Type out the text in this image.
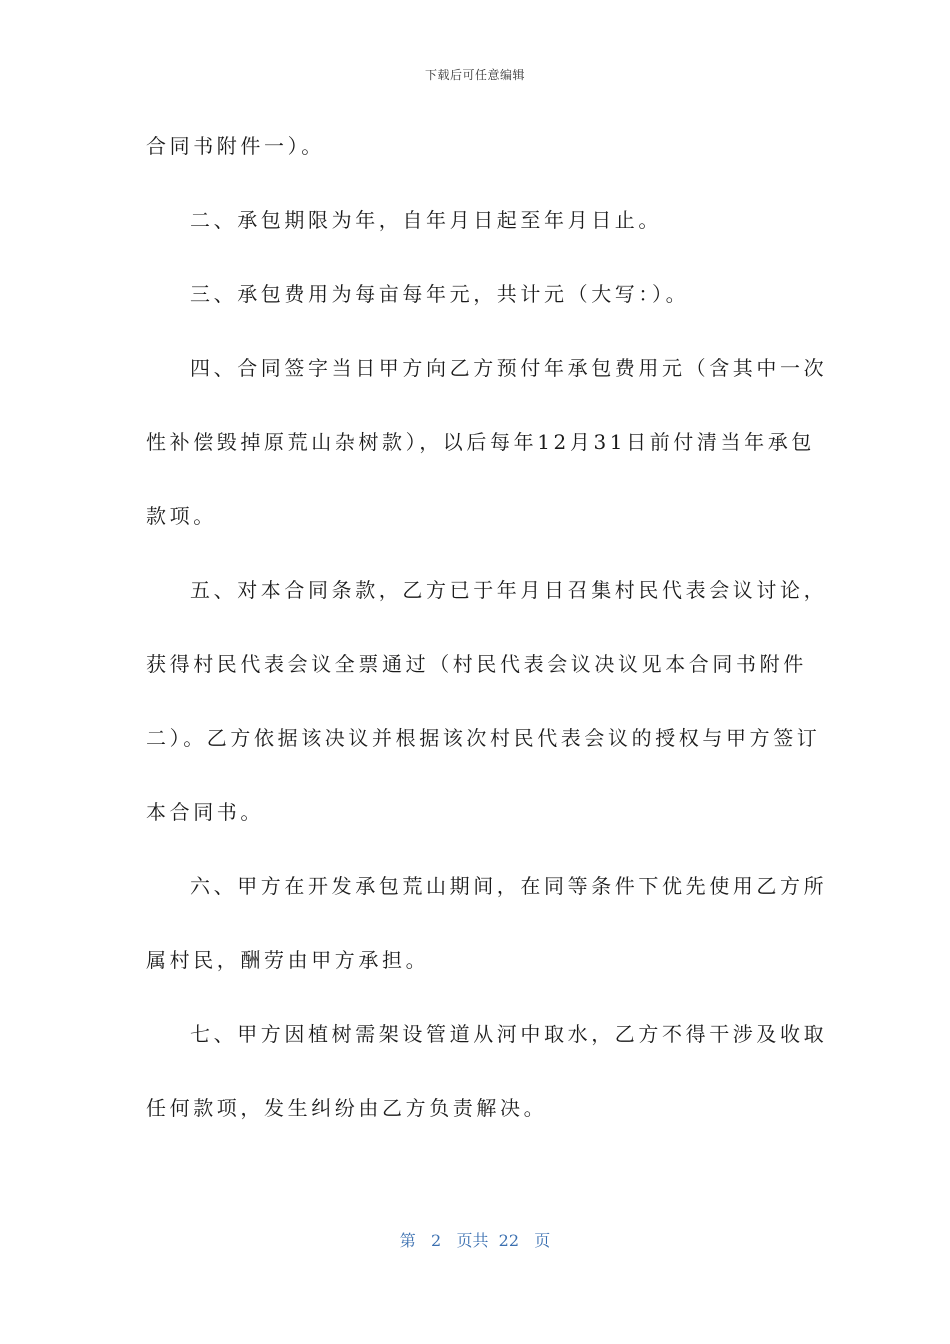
下载后可任意编辑

合同书附件一）。

二、承包期限为年，自年月日起至年月日止。

三、承包费用为每亩每年元，共计元（大写：）。

四、合同签字当日甲方向乙方预付年承包费用元（含其中一次
性补偿毁掉原荒山杂树款），以后每年12月31日前付清当年承包
款项。

五、对本合同条款，乙方已于年月日召集村民代表会议讨论，
获得村民代表会议全票通过（村民代表会议决议见本合同书附件
二）。乙方依据该决议并根据该次村民代表会议的授权与甲方签订
本合同书。

六、甲方在开发承包荒山期间，在同等条件下优先使用乙方所
属村民，酬劳由甲方承担。

七、甲方因植树需架设管道从河中取水，乙方不得干涉及收取
任何款项，发生纠纷由乙方负责解决。

第 2 页共 22 页
